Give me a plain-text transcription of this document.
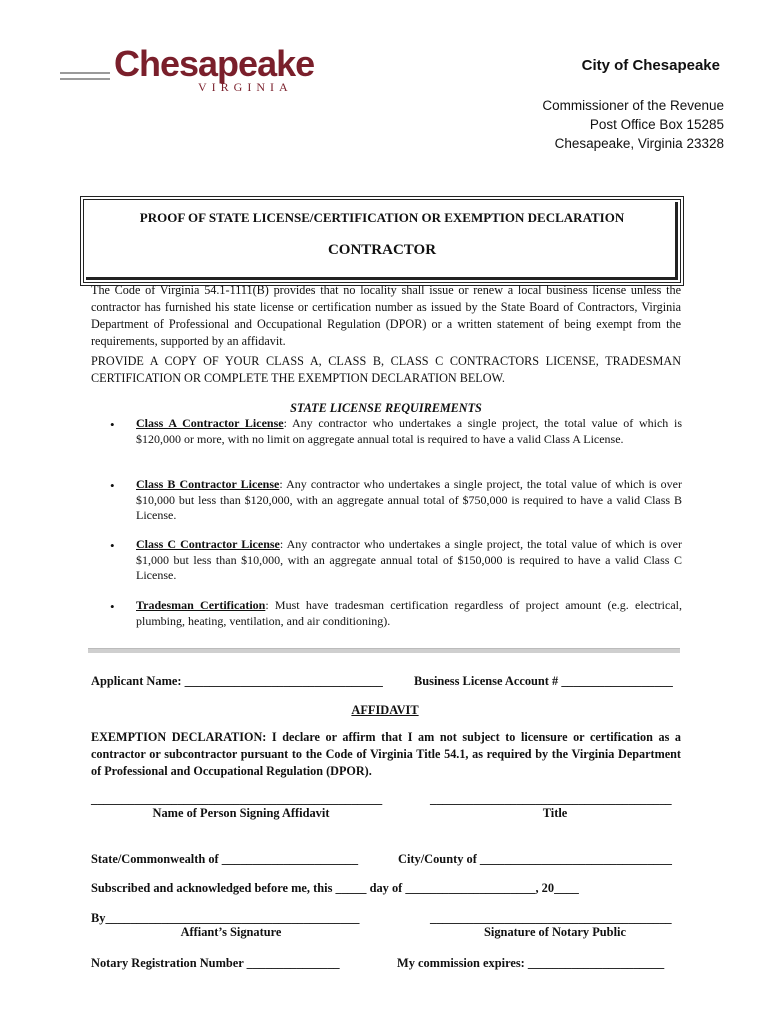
Chesapeake
VIRGINIA
City of Chesapeake
Commissioner of the Revenue
Post Office Box 15285
Chesapeake, Virginia 23328
PROOF OF STATE LICENSE/CERTIFICATION OR EXEMPTION DECLARATION
CONTRACTOR
The Code of Virginia 54.1-1111(B) provides that no locality shall issue or renew a local business license unless the contractor has furnished his state license or certification number as issued by the State Board of Contractors, Virginia Department of Professional and Occupational Regulation (DPOR) or a written statement of being exempt from the requirements, supported by an affidavit.
PROVIDE A COPY OF YOUR CLASS A, CLASS B, CLASS C CONTRACTORS LICENSE, TRADESMAN CERTIFICATION OR COMPLETE THE EXEMPTION DECLARATION BELOW.
STATE LICENSE REQUIREMENTS
• Class A Contractor License: Any contractor who undertakes a single project, the total value of which is $120,000 or more, with no limit on aggregate annual total is required to have a valid Class A License.
• Class B Contractor License: Any contractor who undertakes a single project, the total value of which is over $10,000 but less than $120,000, with an aggregate annual total of $750,000 is required to have a valid Class B License.
• Class C Contractor License: Any contractor who undertakes a single project, the total value of which is over $1,000 but less than $10,000, with an aggregate annual total of $150,000 is required to have a valid Class C License.
• Tradesman Certification: Must have tradesman certification regardless of project amount (e.g. electrical, plumbing, heating, ventilation, and air conditioning).
Applicant Name: ________________________________	Business License Account # __________________
AFFIDAVIT
EXEMPTION DECLARATION: I declare or affirm that I am not subject to licensure or certification as a contractor or subcontractor pursuant to the Code of Virginia Title 54.1, as required by the Virginia Department of Professional and Occupational Regulation (DPOR).
_______________________________________________
Name of Person Signing Affidavit
_______________________________________
Title
State/Commonwealth of ______________________	City/County of _______________________________
Subscribed and acknowledged before me, this _____ day of _____________________, 20____
By_________________________________________
Affiant’s Signature
_______________________________________
Signature of Notary Public
Notary Registration Number _______________	My commission expires: ______________________
